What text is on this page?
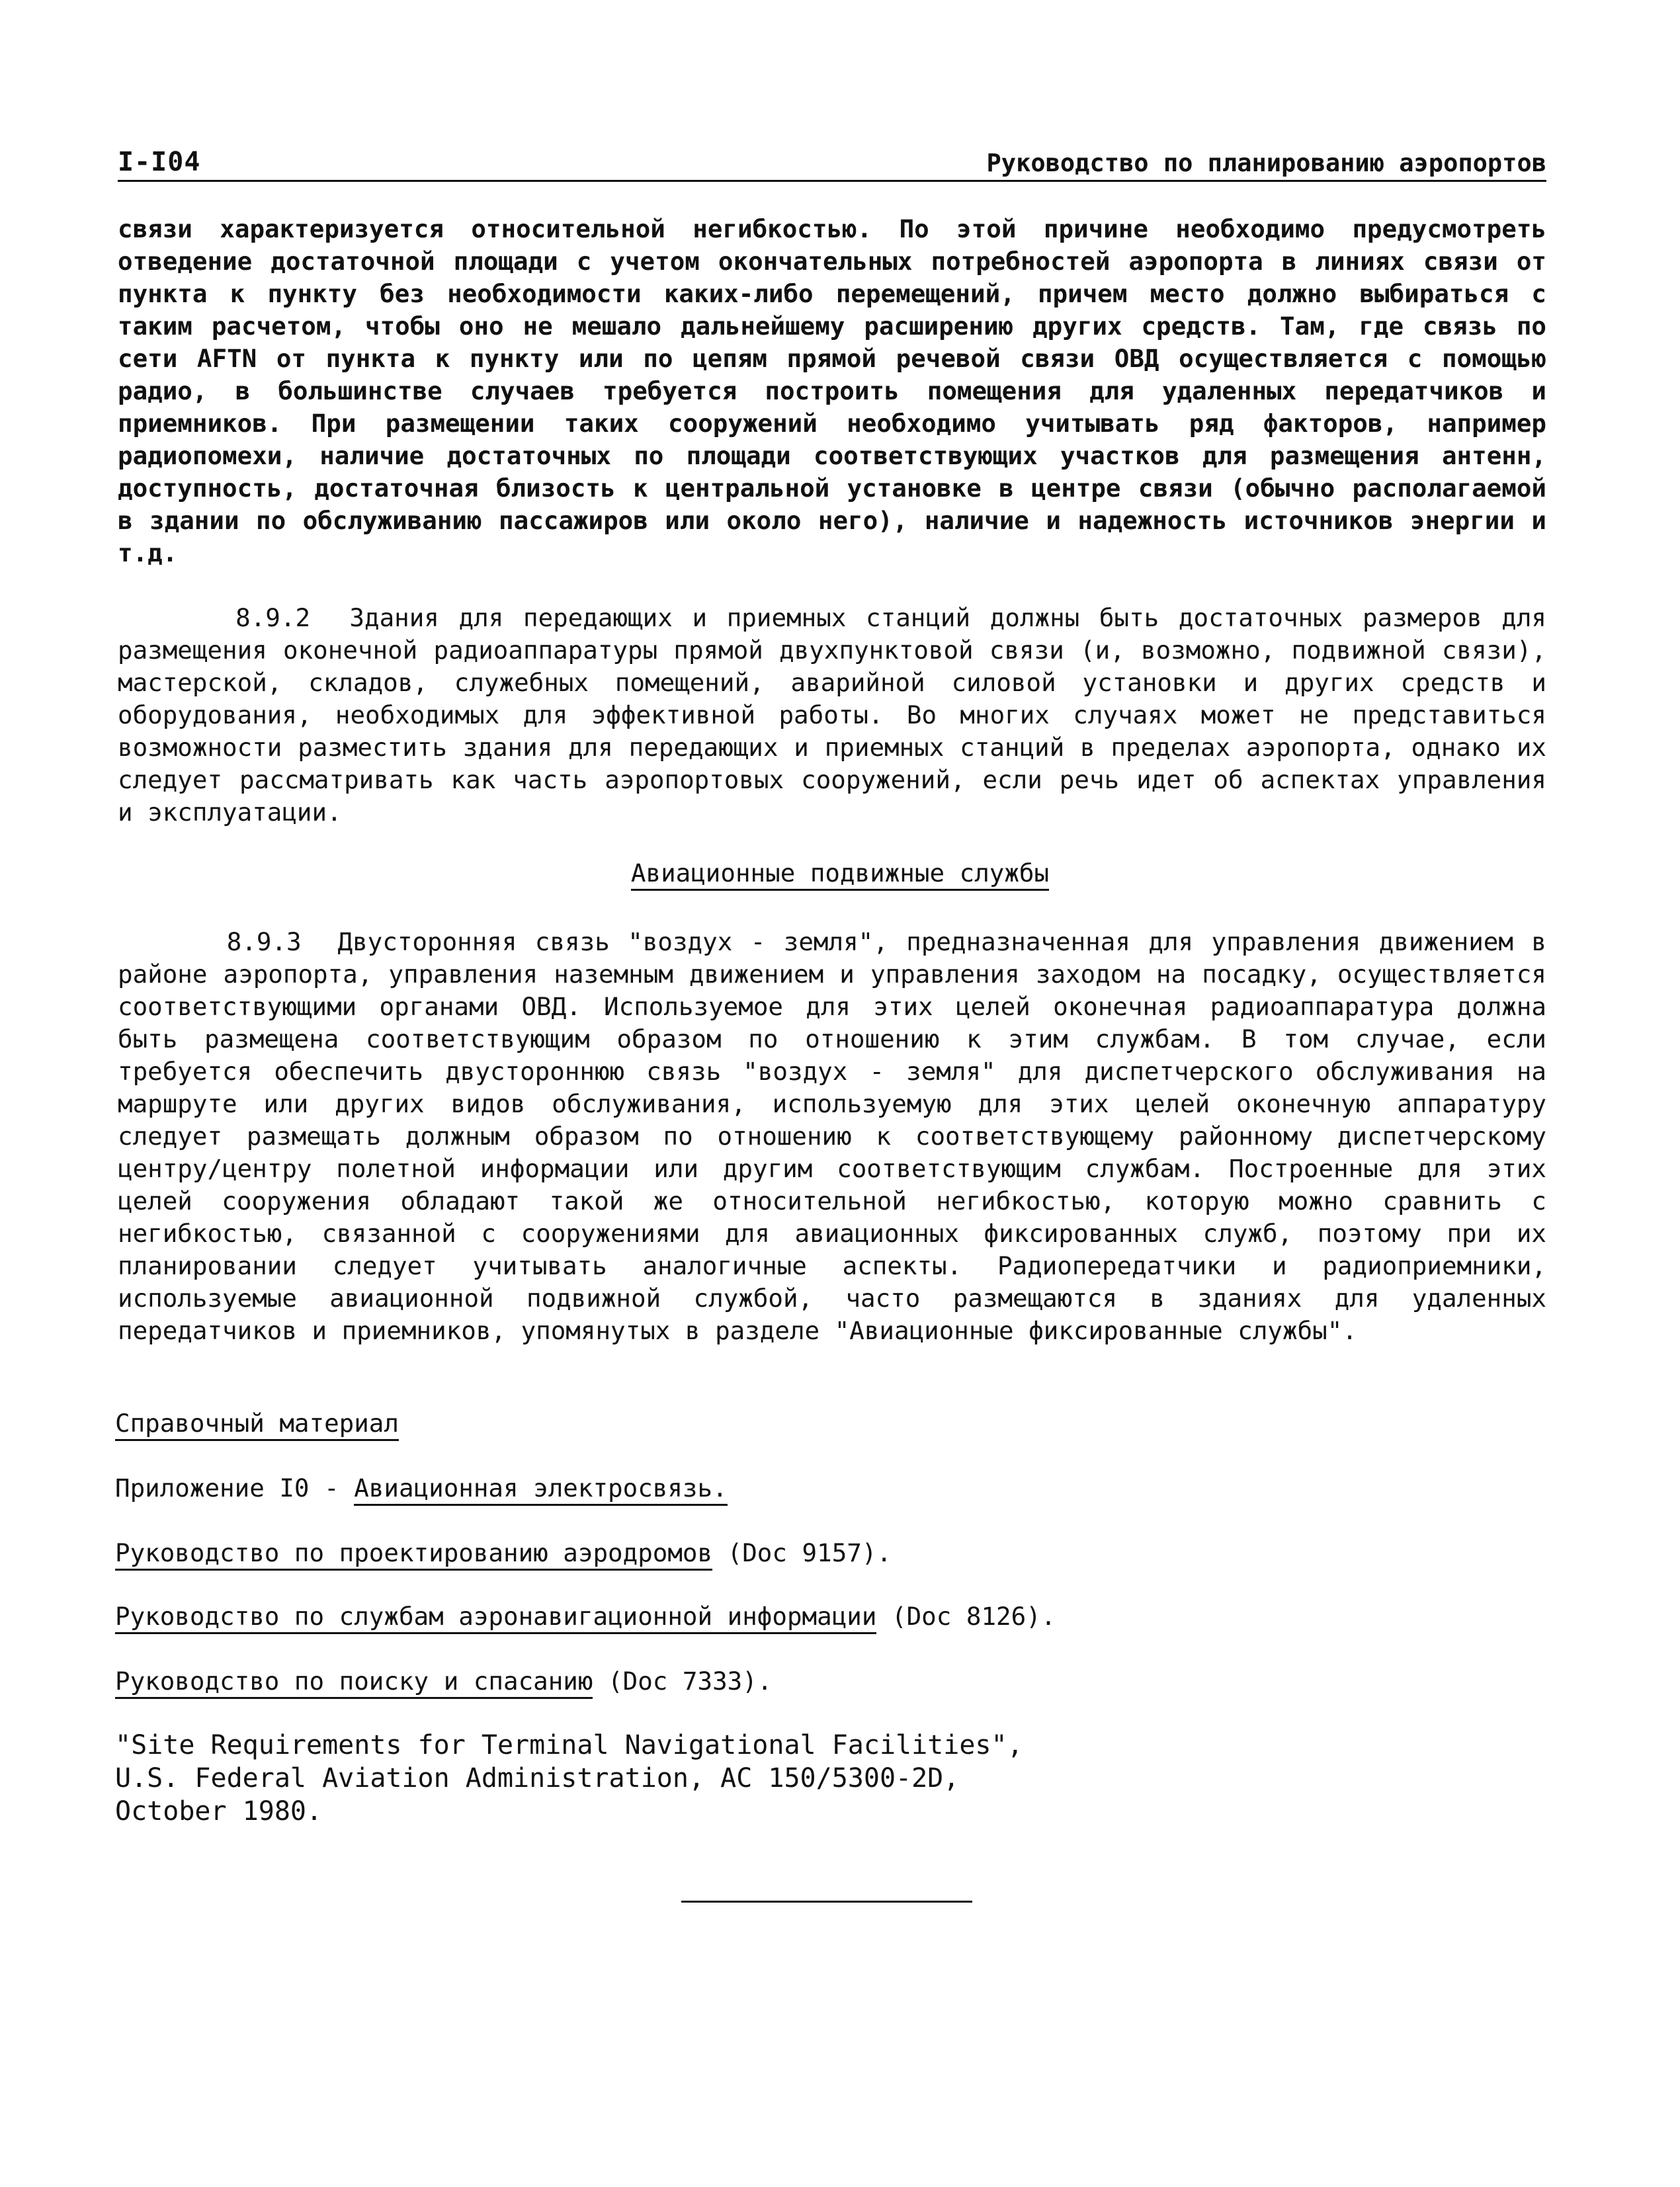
I-I04	Руководство по планированию аэропортов

связи характеризуется относительной негибкостью. По этой причине необходимо предусмотреть отведение достаточной площади с учетом окончательных потребностей аэропорта в линиях связи от пункта к пункту без необходимости каких-либо перемещений, причем место должно выбираться с таким расчетом, чтобы оно не мешало дальнейшему расширению других средств. Там, где связь по сети AFTN от пункта к пункту или по цепям прямой речевой связи ОВД осуществляется с помощью радио, в большинстве случаев требуется построить помещения для удаленных передатчиков и приемников. При размещении таких сооружений необходимо учитывать ряд факторов, например радиопомехи, наличие достаточных по площади соответствующих участков для размещения антенн, доступность, достаточная близость к центральной установке в центре связи (обычно располагаемой в здании по обслуживанию пассажиров или около него), наличие и надежность источников энергии и т.д.

8.9.2  Здания для передающих и приемных станций должны быть достаточных размеров для размещения оконечной радиоаппаратуры прямой двухпунктовой связи (и, возможно, подвижной связи), мастерской, складов, служебных помещений, аварийной силовой установки и других средств и оборудования, необходимых для эффективной работы. Во многих случаях может не представиться возможности разместить здания для передающих и приемных станций в пределах аэропорта, однако их следует рассматривать как часть аэропортовых сооружений, если речь идет об аспектах управления и эксплуатации.

Авиационные подвижные службы

8.9.3  Двусторонняя связь "воздух - земля", предназначенная для управления движением в районе аэропорта, управления наземным движением и управления заходом на посадку, осуществляется соответствующими органами ОВД. Используемое для этих целей оконечная радиоаппаратура должна быть размещена соответствующим образом по отношению к этим службам. В том случае, если требуется обеспечить двустороннюю связь "воздух - земля" для диспетчерского обслуживания на маршруте или других видов обслуживания, используемую для этих целей оконечную аппаратуру следует размещать должным образом по отношению к соответствующему районному диспетчерскому центру/центру полетной информации или другим соответствующим службам. Построенные для этих целей сооружения обладают такой же относительной негибкостью, которую можно сравнить с негибкостью, связанной с сооружениями для авиационных фиксированных служб, поэтому при их планировании следует учитывать аналогичные аспекты. Радиопередатчики и радиоприемники, используемые авиационной подвижной службой, часто размещаются в зданиях для удаленных передатчиков и приемников, упомянутых в разделе "Авиационные фиксированные службы".

Справочный материал

Приложение I0 - Авиационная электросвязь.

Руководство по проектированию аэродромов (Doc 9157).

Руководство по службам аэронавигационной информации (Doc 8126).

Руководство по поиску и спасанию (Doc 7333).

"Site Requirements for Terminal Navigational Facilities",
U.S. Federal Aviation Administration, AC 150/5300-2D,
October 1980.
